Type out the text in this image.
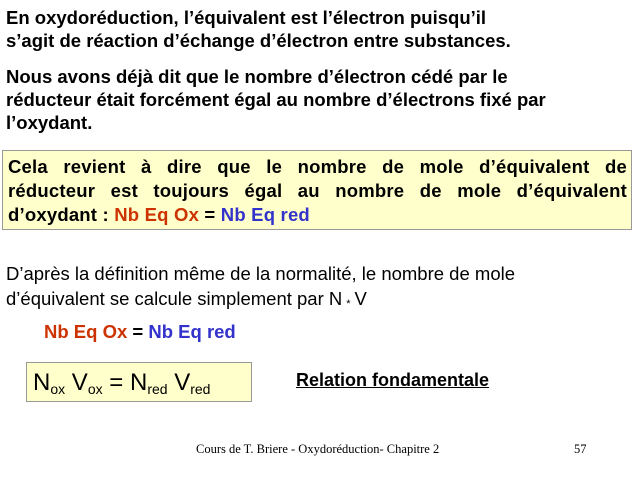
En oxydoréduction, l’équivalent est l’électron puisqu’il
s’agit de réaction d’échange d’électron entre substances.
Nous avons déjà dit que le nombre d’électron cédé par le
réducteur était forcément égal au nombre d’électrons fixé par
l’oxydant.
Cela revient à dire que le nombre de mole d’équivalent de
réducteur est toujours égal au nombre de mole d’équivalent
d’oxydant : Nb Eq Ox = Nb Eq red
D’après la définition même de la normalité, le nombre de mole
d’équivalent se calcule simplement par N * V
Nb Eq Ox = Nb Eq red
$N_{ox}$ $V_{ox} = N_{red}$ $V_{red}$	Relation fondamentale
Cours de T. Briere - Oxydoréduction- Chapitre 2	57
